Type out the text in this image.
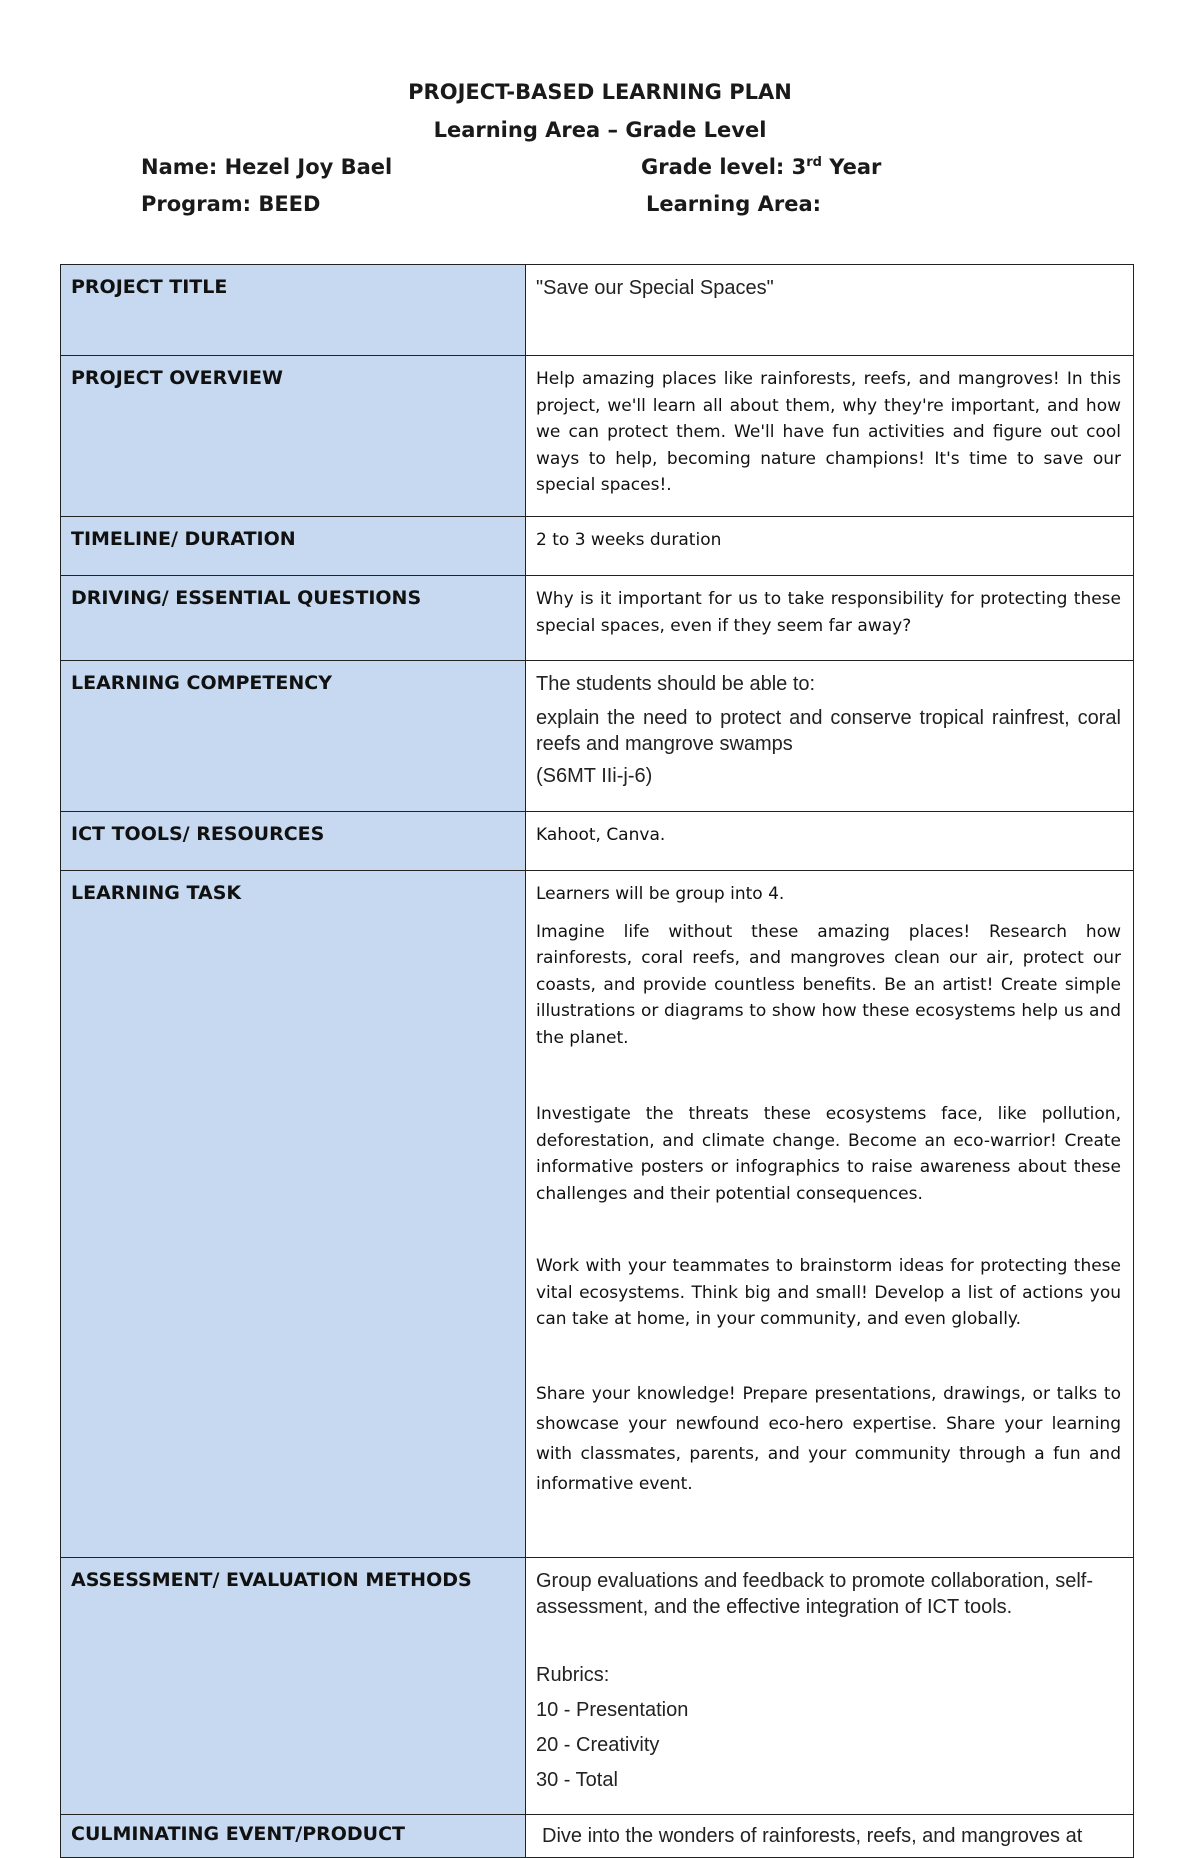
PROJECT-BASED LEARNING PLAN
Learning Area – Grade Level
Name: Hezel Joy Bael	Grade level: 3rd Year
Program: BEED	Learning Area:
PROJECT TITLE	"Save our Special Spaces"

PROJECT OVERVIEW	Help amazing places like rainforests, reefs, and mangroves! In this project, we'll learn all about them, why they're important, and how we can protect them. We'll have fun activities and figure out cool ways to help, becoming nature champions! It's time to save our special spaces!.
TIMELINE/ DURATION	2 to 3 weeks duration
DRIVING/ ESSENTIAL QUESTIONS	Why is it important for us to take responsibility for protecting these special spaces, even if they seem far away?
LEARNING COMPETENCY	The students should be able to:
explain the need to protect and conserve tropical rainfrest, coral reefs and mangrove swamps
(S6MT IIi-j-6)

ICT TOOLS/ RESOURCES	Kahoot, Canva.
LEARNING TASK	Learners will be group into 4.

Imagine life without these amazing places! Research how rainforests, coral reefs, and mangroves clean our air, protect our coasts, and provide countless benefits. Be an artist! Create simple illustrations or diagrams to show how these ecosystems help us and the planet.

Investigate the threats these ecosystems face, like pollution, deforestation, and climate change. Become an eco-warrior! Create informative posters or infographics to raise awareness about these challenges and their potential consequences.

Work with your teammates to brainstorm ideas for protecting these vital ecosystems. Think big and small! Develop a list of actions you can take at home, in your community, and even globally.

Share your knowledge! Prepare presentations, drawings, or talks to showcase your newfound eco-hero expertise. Share your learning with classmates, parents, and your community through a fun and informative event.

ASSESSMENT/ EVALUATION METHODS	Group evaluations and feedback to promote collaboration, self-assessment, and the effective integration of ICT tools.
Rubrics:
10 - Presentation
20 - Creativity
30 - Total

CULMINATING EVENT/PRODUCT	Dive into the wonders of rainforests, reefs, and mangroves at
